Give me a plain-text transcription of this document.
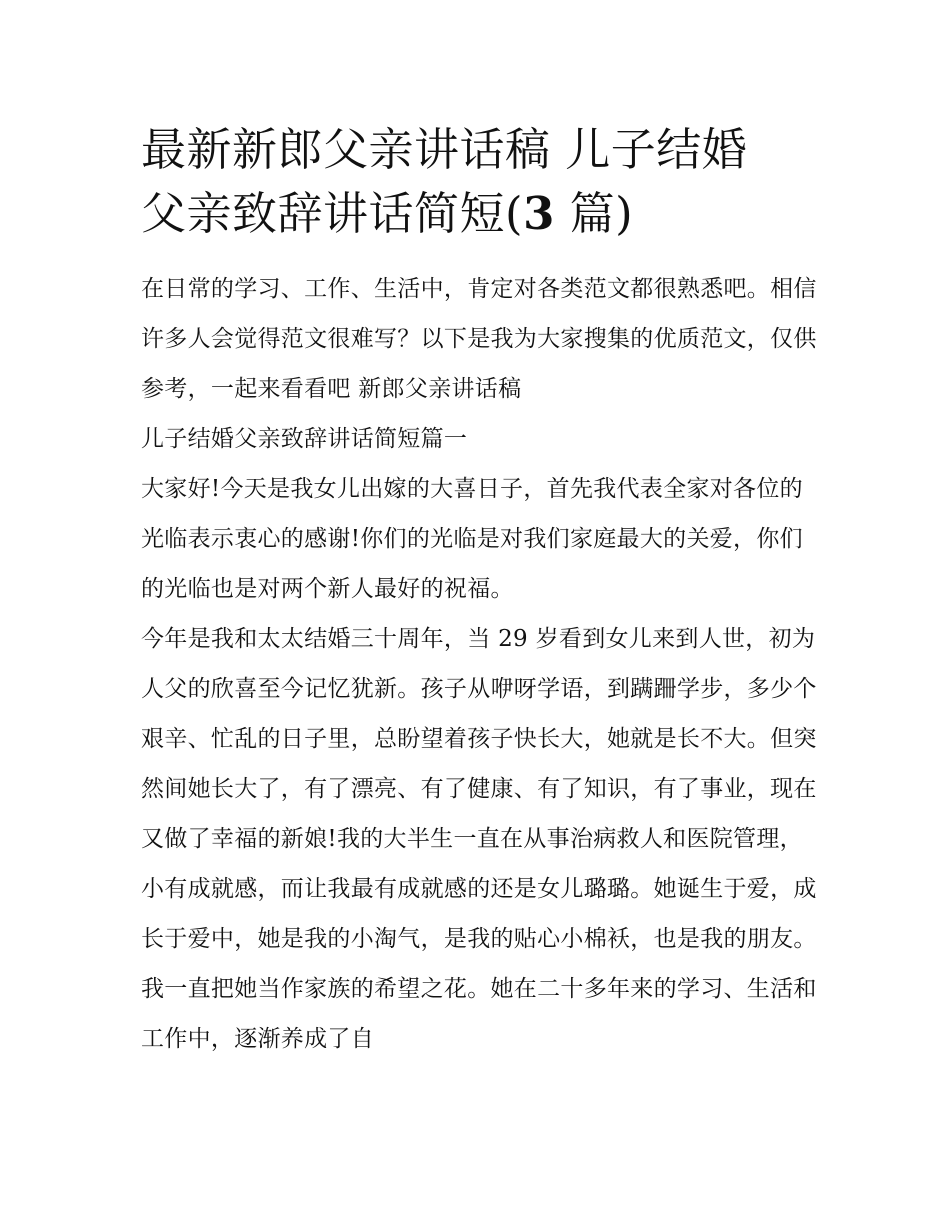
最新新郎父亲讲话稿 儿子结婚
父亲致辞讲话简短(3 篇)

在日常的学习、工作、生活中，肯定对各类范文都很熟悉吧。相信许多人会觉得范文很难写？以下是我为大家搜集的优质范文，仅供参考，一起来看看吧 新郎父亲讲话稿

儿子结婚父亲致辞讲话简短篇一

大家好!今天是我女儿出嫁的大喜日子，首先我代表全家对各位的光临表示衷心的感谢!你们的光临是对我们家庭最大的关爱，你们的光临也是对两个新人最好的祝福。

今年是我和太太结婚三十周年，当 29 岁看到女儿来到人世，初为人父的欣喜至今记忆犹新。孩子从咿呀学语，到蹒跚学步，多少个艰辛、忙乱的日子里，总盼望着孩子快长大，她就是长不大。但突然间她长大了，有了漂亮、有了健康、有了知识，有了事业，现在又做了幸福的新娘!我的大半生一直在从事治病救人和医院管理，小有成就感，而让我最有成就感的还是女儿璐璐。她诞生于爱，成长于爱中，她是我的小淘气，是我的贴心小棉袄，也是我的朋友。我一直把她当作家族的希望之花。她在二十多年来的学习、生活和工作中，逐渐养成了自
